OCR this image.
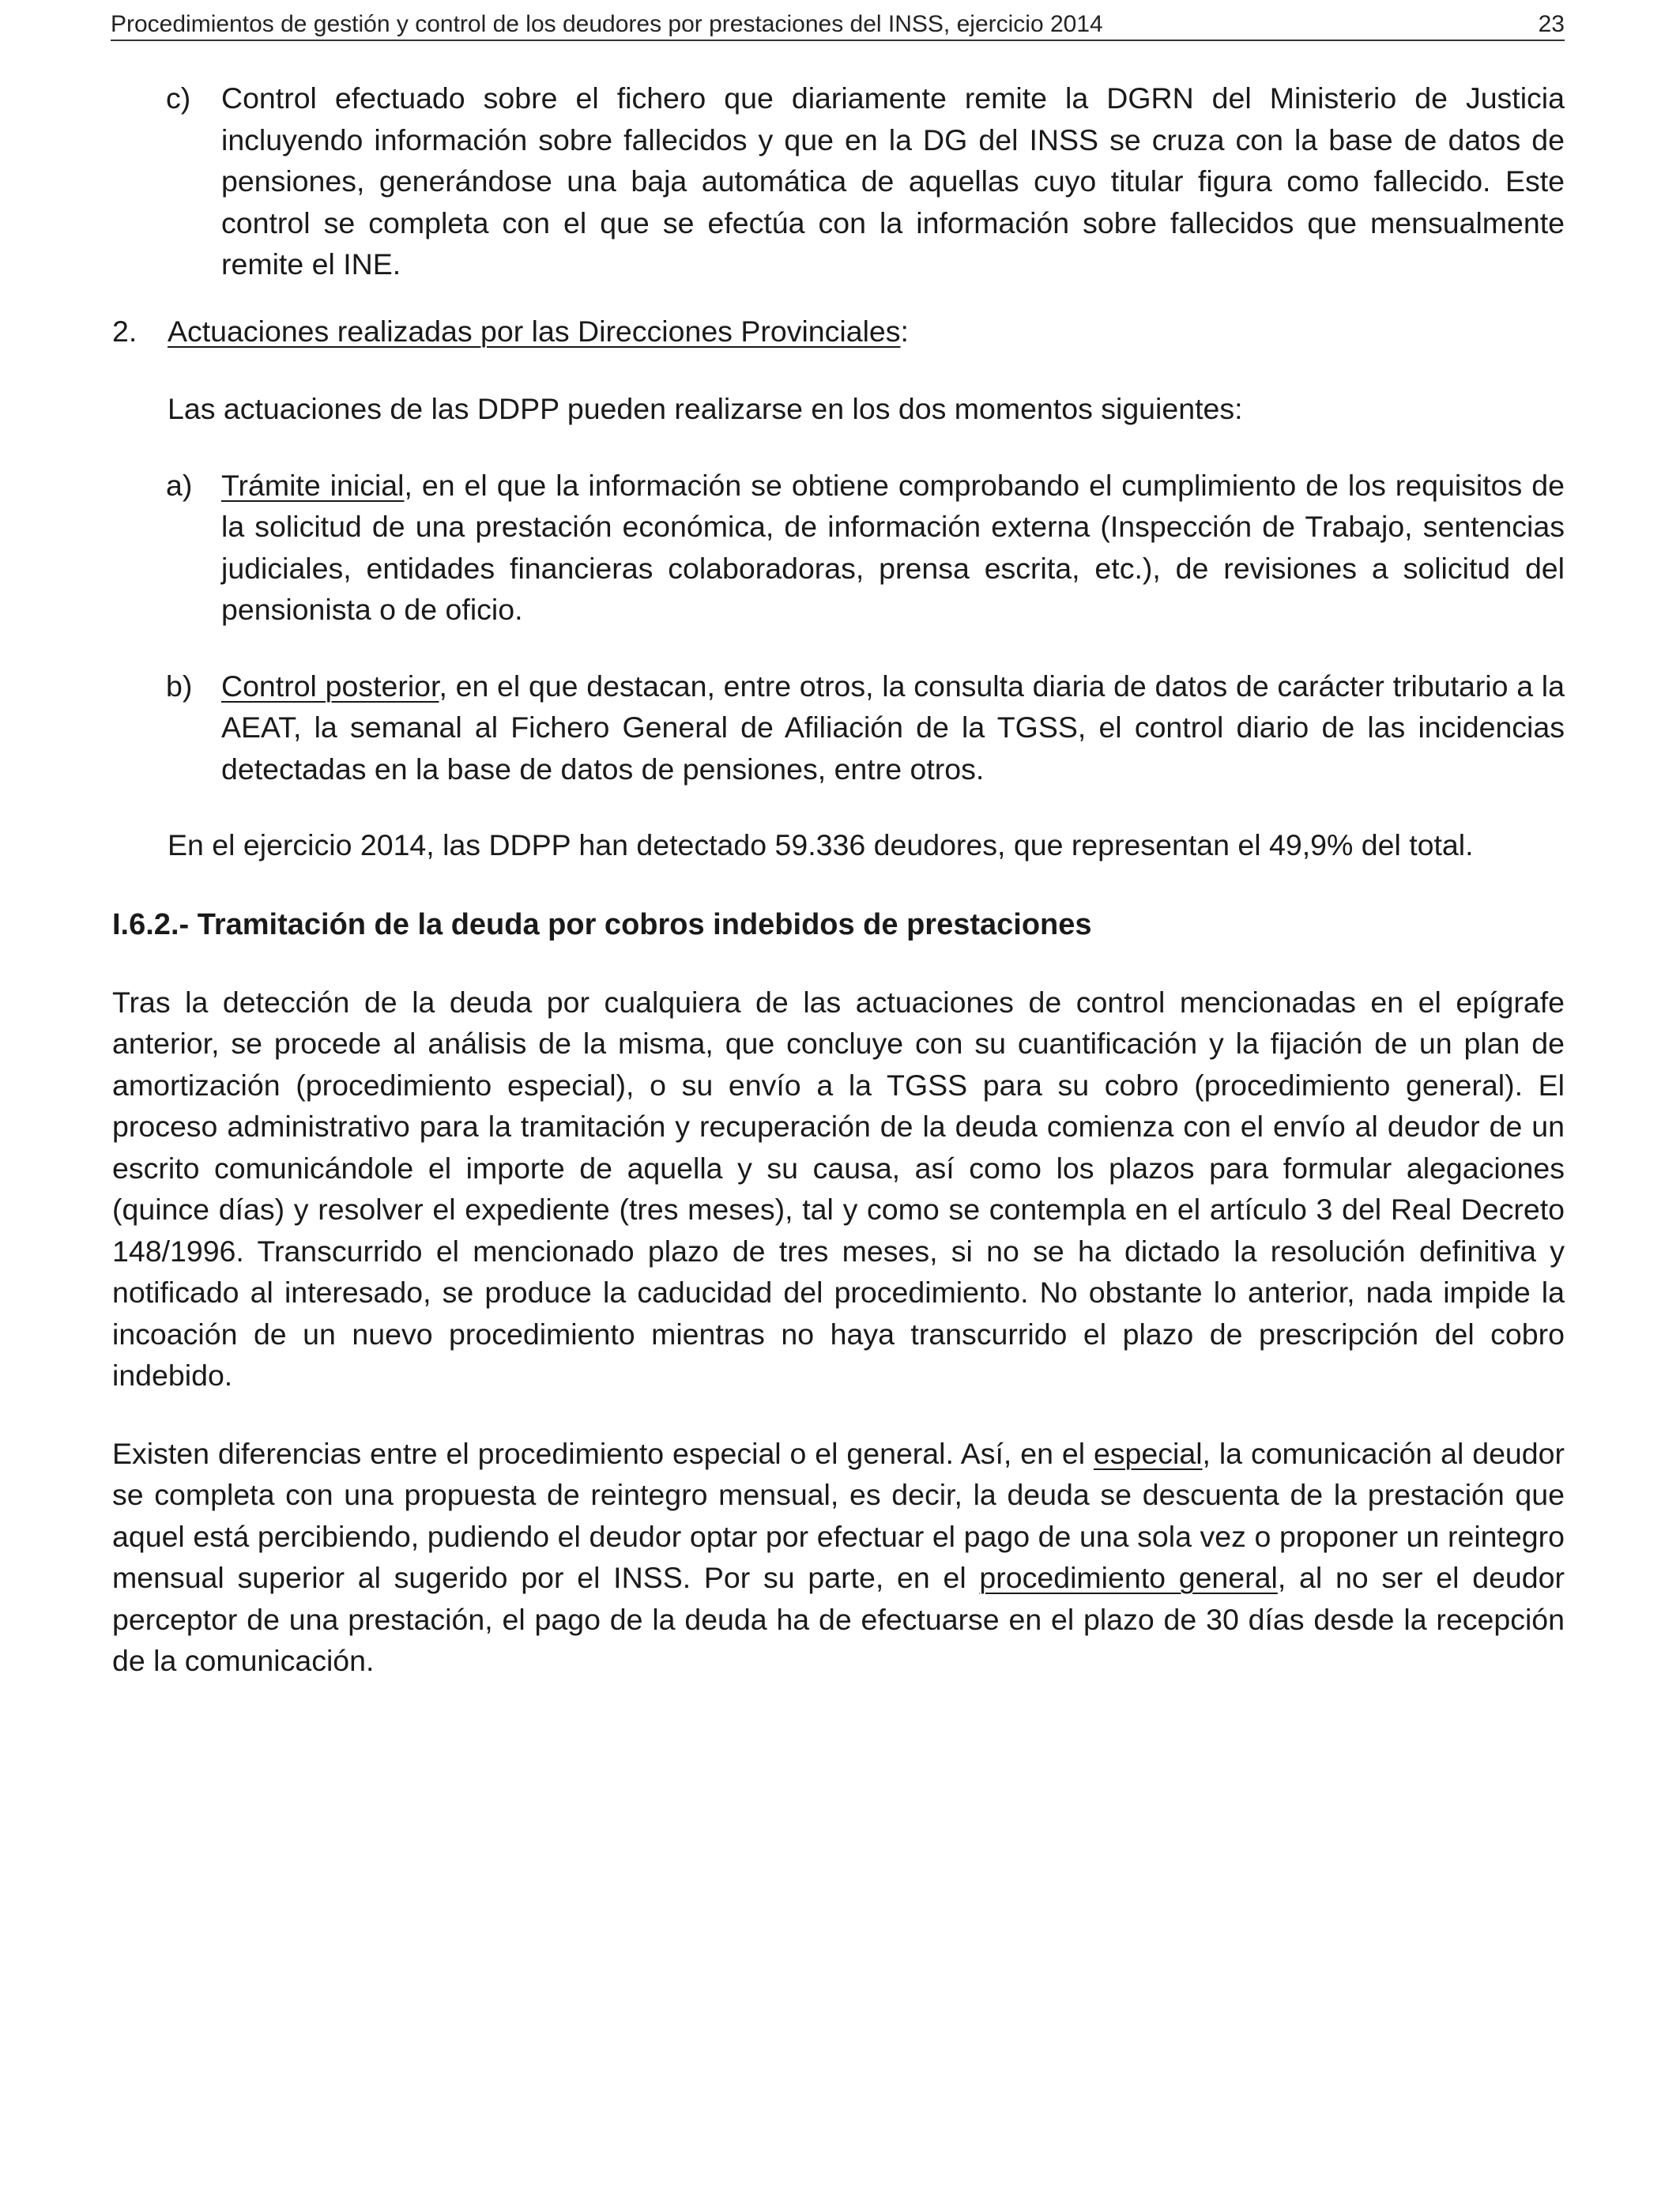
Procedimientos de gestión y control de los deudores por prestaciones del INSS, ejercicio 2014	23
c)	Control efectuado sobre el fichero que diariamente remite la DGRN del Ministerio de Justicia incluyendo información sobre fallecidos y que en la DG del INSS se cruza con la base de datos de pensiones, generándose una baja automática de aquellas cuyo titular figura como fallecido. Este control se completa con el que se efectúa con la información sobre fallecidos que mensualmente remite el INE.
2.	Actuaciones realizadas por las Direcciones Provinciales:

Las actuaciones de las DDPP pueden realizarse en los dos momentos siguientes:

a) Trámite inicial, en el que la información se obtiene comprobando el cumplimiento de los requisitos de la solicitud de una prestación económica, de información externa (Inspección de Trabajo, sentencias judiciales, entidades financieras colaboradoras, prensa escrita, etc.), de revisiones a solicitud del pensionista o de oficio.
b) Control posterior, en el que destacan, entre otros, la consulta diaria de datos de carácter tributario a la AEAT, la semanal al Fichero General de Afiliación de la TGSS, el control diario de las incidencias detectadas en la base de datos de pensiones, entre otros.

En el ejercicio 2014, las DDPP han detectado 59.336 deudores, que representan el 49,9% del total.

I.6.2.- Tramitación de la deuda por cobros indebidos de prestaciones

Tras la detección de la deuda por cualquiera de las actuaciones de control mencionadas en el epígrafe anterior, se procede al análisis de la misma, que concluye con su cuantificación y la fijación de un plan de amortización (procedimiento especial), o su envío a la TGSS para su cobro (procedimiento general). El proceso administrativo para la tramitación y recuperación de la deuda comienza con el envío al deudor de un escrito comunicándole el importe de aquella y su causa, así como los plazos para formular alegaciones (quince días) y resolver el expediente (tres meses), tal y como se contempla en el artículo 3 del Real Decreto 148/1996. Transcurrido el mencionado plazo de tres meses, si no se ha dictado la resolución definitiva y notificado al interesado, se produce la caducidad del procedimiento. No obstante lo anterior, nada impide la incoación de un nuevo procedimiento mientras no haya transcurrido el plazo de prescripción del cobro indebido.

Existen diferencias entre el procedimiento especial o el general. Así, en el especial, la comunicación al deudor se completa con una propuesta de reintegro mensual, es decir, la deuda se descuenta de la prestación que aquel está percibiendo, pudiendo el deudor optar por efectuar el pago de una sola vez o proponer un reintegro mensual superior al sugerido por el INSS. Por su parte, en el procedimiento general, al no ser el deudor perceptor de una prestación, el pago de la deuda ha de efectuarse en el plazo de 30 días desde la recepción de la comunicación.
